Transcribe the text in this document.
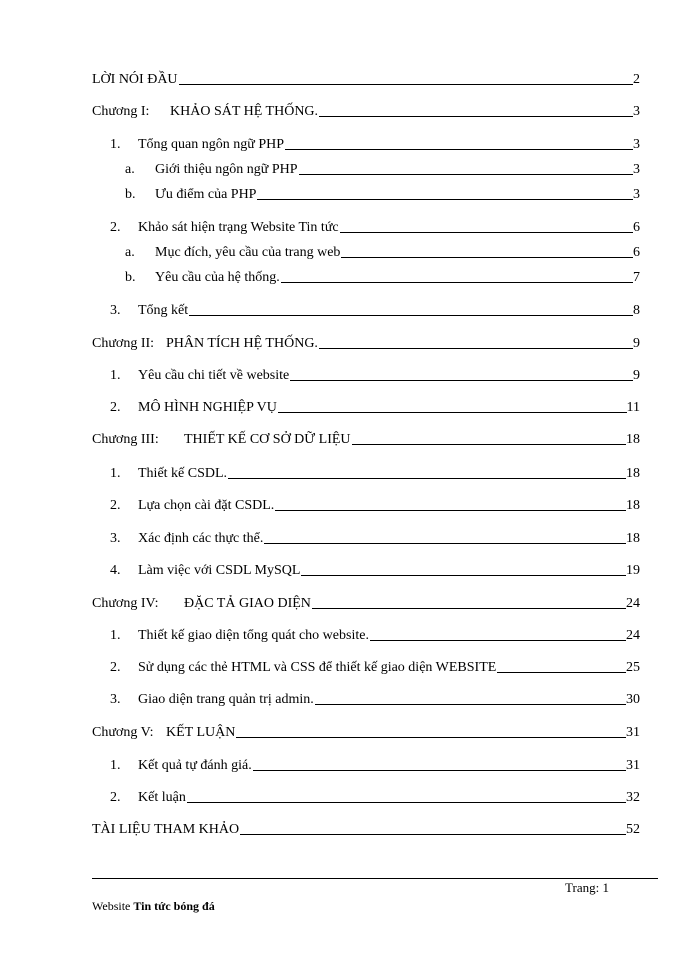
LỜI NÓI ĐẦU	2
Chương I:	KHẢO SÁT HỆ THỐNG.	3
1.	Tổng quan ngôn ngữ PHP	3
a.	Giới thiệu ngôn ngữ PHP	3
b.	Ưu điểm của PHP	3
2.	Khảo sát hiện trạng Website Tin tức	6
a.	Mục đích, yêu cầu của trang web	6
b.	Yêu cầu của hệ thống.	7
3.	Tổng kết	8
Chương II: PHÂN TÍCH HỆ THỐNG.	9
1.	Yêu cầu chi tiết về website	9
2.	MÔ HÌNH NGHIỆP VỤ	11
Chương III:	THIẾT KẾ CƠ SỞ DỮ LIỆU	18
1.	Thiết kế CSDL.	18
2.	Lựa chọn cài đặt CSDL.	18
3.	Xác định các thực thể.	18
4.	Làm việc với CSDL MySQL	19
Chương IV:	ĐẶC TẢ GIAO DIỆN	24
1.	Thiết kế giao diện tổng quát cho website.	24
2.	Sử dụng các thẻ HTML và CSS để thiết kế giao diện WEBSITE	25
3.	Giao diện trang quản trị admin.	30
Chương V: KẾT LUẬN	31
1.	Kết quả tự đánh giá.	31
2.	Kết luận	32
TÀI LIỆU THAM KHẢO	52
Trang: 1
Website Tin tức bóng đá
